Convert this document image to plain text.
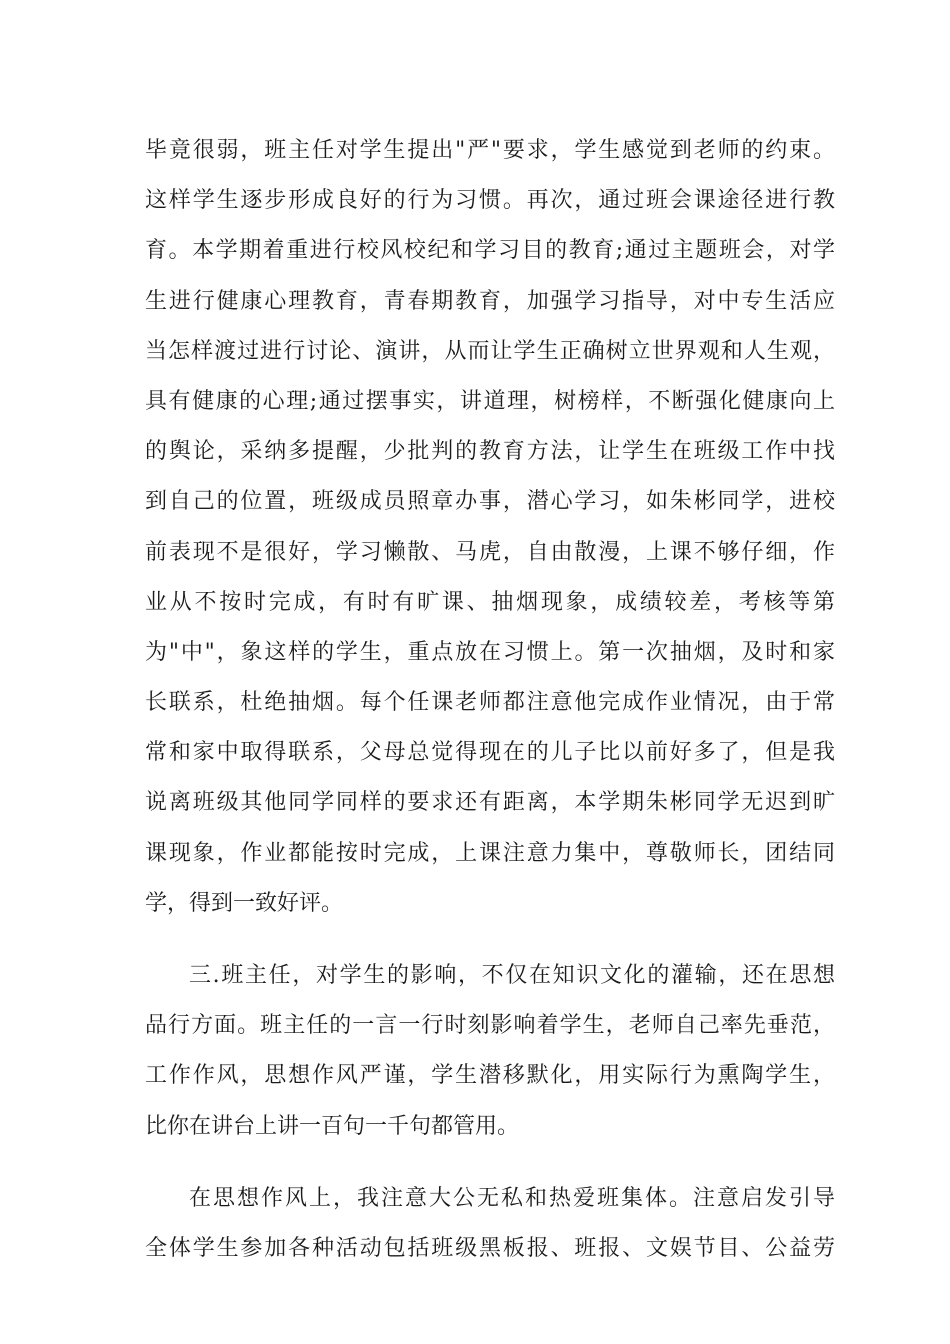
毕竟很弱，班主任对学生提出"严"要求，学生感觉到老师的约束。
这样学生逐步形成良好的行为习惯。再次，通过班会课途径进行教
育。本学期着重进行校风校纪和学习目的教育;通过主题班会，对学
生进行健康心理教育，青春期教育，加强学习指导，对中专生活应
当怎样渡过进行讨论、演讲，从而让学生正确树立世界观和人生观，
具有健康的心理;通过摆事实，讲道理，树榜样，不断强化健康向上
的舆论，采纳多提醒，少批判的教育方法，让学生在班级工作中找
到自己的位置，班级成员照章办事，潜心学习，如朱彬同学，进校
前表现不是很好，学习懒散、马虎，自由散漫，上课不够仔细，作
业从不按时完成，有时有旷课、抽烟现象，成绩较差，考核等第
为"中"，象这样的学生，重点放在习惯上。第一次抽烟，及时和家
长联系，杜绝抽烟。每个任课老师都注意他完成作业情况，由于常
常和家中取得联系，父母总觉得现在的儿子比以前好多了，但是我
说离班级其他同学同样的要求还有距离，本学期朱彬同学无迟到旷
课现象，作业都能按时完成，上课注意力集中，尊敬师长，团结同
学，得到一致好评。
三.班主任，对学生的影响，不仅在知识文化的灌输，还在思想
品行方面。班主任的一言一行时刻影响着学生，老师自己率先垂范，
工作作风，思想作风严谨，学生潜移默化，用实际行为熏陶学生，
比你在讲台上讲一百句一千句都管用。
在思想作风上，我注意大公无私和热爱班集体。注意启发引导
全体学生参加各种活动包括班级黑板报、班报、文娱节目、公益劳
